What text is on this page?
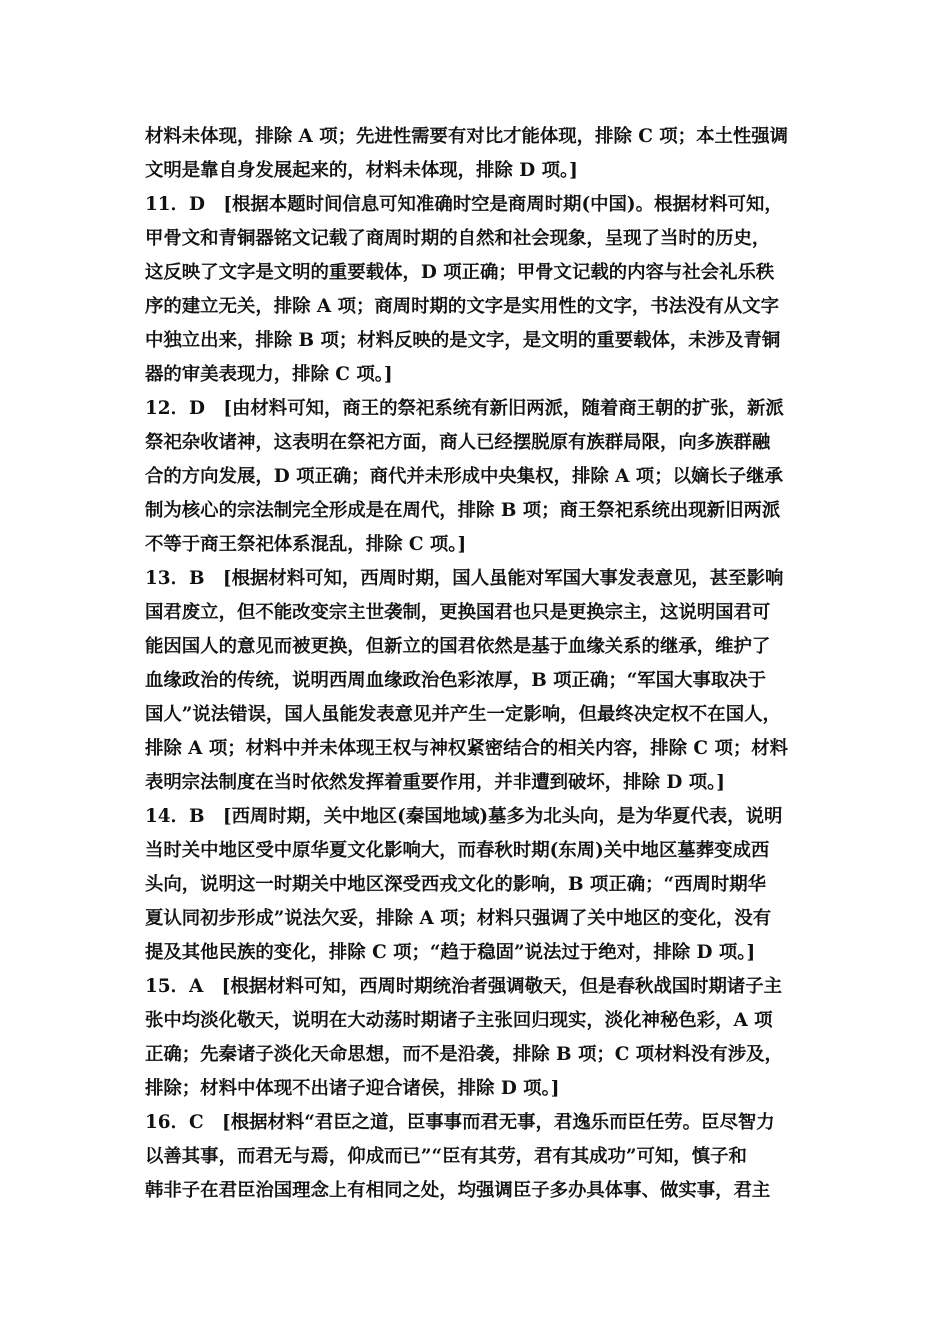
材料未体现，排除 A 项；先进性需要有对比才能体现，排除 C 项；本土性强调
文明是靠自身发展起来的，材料未体现，排除 D 项。]
11．D　[根据本题时间信息可知准确时空是商周时期(中国)。根据材料可知，
甲骨文和青铜器铭文记载了商周时期的自然和社会现象，呈现了当时的历史，
这反映了文字是文明的重要载体，D 项正确；甲骨文记载的内容与社会礼乐秩
序的建立无关，排除 A 项；商周时期的文字是实用性的文字，书法没有从文字
中独立出来，排除 B 项；材料反映的是文字，是文明的重要载体，未涉及青铜
器的审美表现力，排除 C 项。]
12．D　[由材料可知，商王的祭祀系统有新旧两派，随着商王朝的扩张，新派
祭祀杂收诸神，这表明在祭祀方面，商人已经摆脱原有族群局限，向多族群融
合的方向发展，D 项正确；商代并未形成中央集权，排除 A 项；以嫡长子继承
制为核心的宗法制完全形成是在周代，排除 B 项；商王祭祀系统出现新旧两派
不等于商王祭祀体系混乱，排除 C 项。]
13．B　[根据材料可知，西周时期，国人虽能对军国大事发表意见，甚至影响
国君废立，但不能改变宗主世袭制，更换国君也只是更换宗主，这说明国君可
能因国人的意见而被更换，但新立的国君依然是基于血缘关系的继承，维护了
血缘政治的传统，说明西周血缘政治色彩浓厚，B 项正确；“军国大事取决于
国人”说法错误，国人虽能发表意见并产生一定影响，但最终决定权不在国人，
排除 A 项；材料中并未体现王权与神权紧密结合的相关内容，排除 C 项；材料
表明宗法制度在当时依然发挥着重要作用，并非遭到破坏，排除 D 项。]
14．B　[西周时期，关中地区(秦国地域)墓多为北头向，是为华夏代表，说明
当时关中地区受中原华夏文化影响大，而春秋时期(东周)关中地区墓葬变成西
头向，说明这一时期关中地区深受西戎文化的影响，B 项正确；“西周时期华
夏认同初步形成”说法欠妥，排除 A 项；材料只强调了关中地区的变化，没有
提及其他民族的变化，排除 C 项；“趋于稳固”说法过于绝对，排除 D 项。]
15．A　[根据材料可知，西周时期统治者强调敬天，但是春秋战国时期诸子主
张中均淡化敬天，说明在大动荡时期诸子主张回归现实，淡化神秘色彩，A 项
正确；先秦诸子淡化天命思想，而不是沿袭，排除 B 项；C 项材料没有涉及，
排除；材料中体现不出诸子迎合诸侯，排除 D 项。]
16．C　[根据材料“君臣之道，臣事事而君无事，君逸乐而臣任劳。臣尽智力
以善其事，而君无与焉，仰成而已”“臣有其劳，君有其成功”可知，慎子和
韩非子在君臣治国理念上有相同之处，均强调臣子多办具体事、做实事，君主
